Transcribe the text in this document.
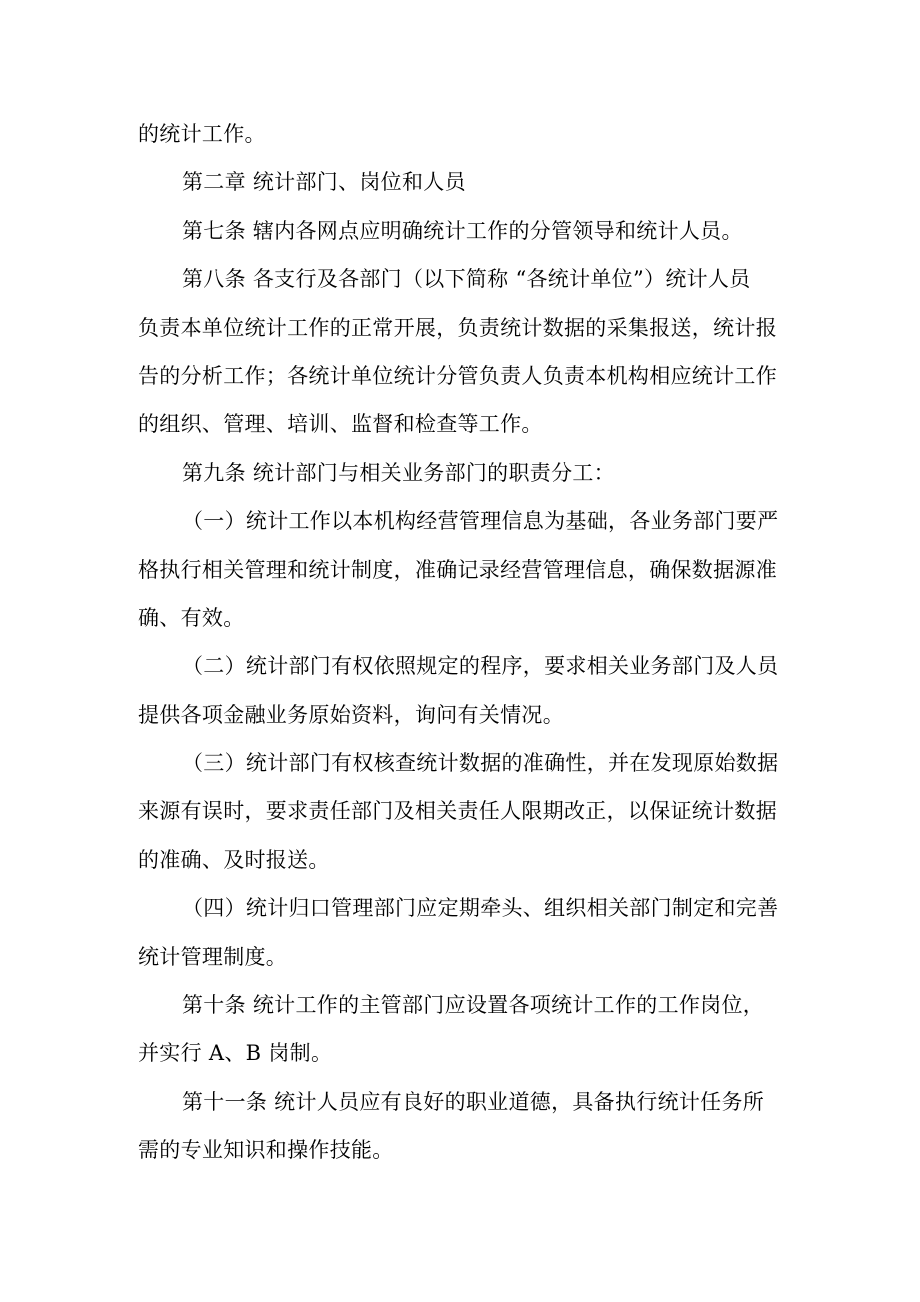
的统计工作。
第二章 统计部门、岗位和人员
第七条 辖内各网点应明确统计工作的分管领导和统计人员。
第八条 各支行及各部门（以下简称 “各统计单位”）统计人员
负责本单位统计工作的正常开展，负责统计数据的采集报送，统计报
告的分析工作；各统计单位统计分管负责人负责本机构相应统计工作
的组织、管理、培训、监督和检查等工作。
第九条 统计部门与相关业务部门的职责分工：
（一）统计工作以本机构经营管理信息为基础，各业务部门要严
格执行相关管理和统计制度，准确记录经营管理信息，确保数据源准
确、有效。
（二）统计部门有权依照规定的程序，要求相关业务部门及人员
提供各项金融业务原始资料，询问有关情况。
（三）统计部门有权核查统计数据的准确性，并在发现原始数据
来源有误时，要求责任部门及相关责任人限期改正，以保证统计数据
的准确、及时报送。
（四）统计归口管理部门应定期牵头、组织相关部门制定和完善
统计管理制度。
第十条 统计工作的主管部门应设置各项统计工作的工作岗位，
并实行 A、B 岗制。
第十一条 统计人员应有良好的职业道德，具备执行统计任务所
需的专业知识和操作技能。
